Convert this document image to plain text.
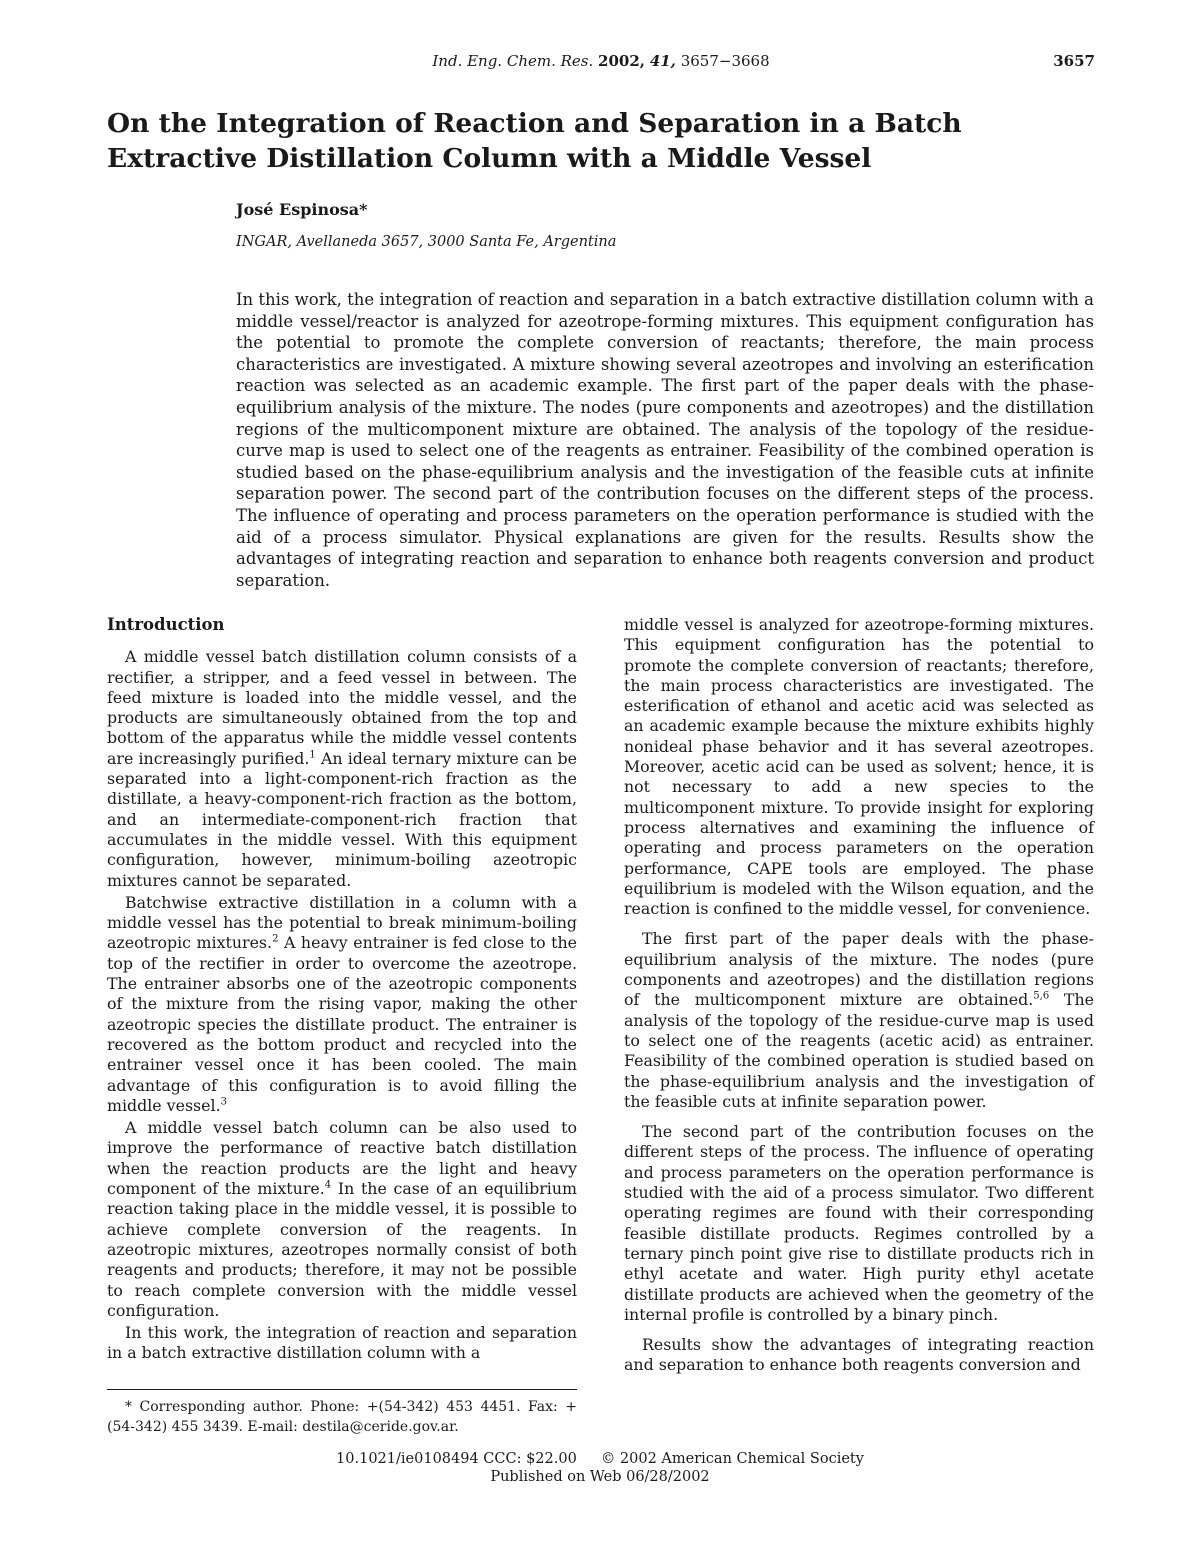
Ind. Eng. Chem. Res. 2002, 41, 3657−3668	3657
On the Integration of Reaction and Separation in a Batch
Extractive Distillation Column with a Middle Vessel
José Espinosa*
INGAR, Avellaneda 3657, 3000 Santa Fe, Argentina

In this work, the integration of reaction and separation in a batch extractive distillation column with a middle vessel/reactor is analyzed for azeotrope-forming mixtures. This equipment configuration has the potential to promote the complete conversion of reactants; therefore, the main process characteristics are investigated. A mixture showing several azeotropes and involving an esterification reaction was selected as an academic example. The first part of the paper deals with the phase-equilibrium analysis of the mixture. The nodes (pure components and azeotropes) and the distillation regions of the multicomponent mixture are obtained. The analysis of the topology of the residue-curve map is used to select one of the reagents as entrainer. Feasibility of the combined operation is studied based on the phase-equilibrium analysis and the investigation of the feasible cuts at infinite separation power. The second part of the contribution focuses on the different steps of the process. The influence of operating and process parameters on the operation performance is studied with the aid of a process simulator. Physical explanations are given for the results. Results show the advantages of integrating reaction and separation to enhance both reagents conversion and product separation.

Introduction

A middle vessel batch distillation column consists of a rectifier, a stripper, and a feed vessel in between. The feed mixture is loaded into the middle vessel, and the products are simultaneously obtained from the top and bottom of the apparatus while the middle vessel contents are increasingly purified.$^1$ An ideal ternary mixture can be separated into a light-component-rich fraction as the distillate, a heavy-component-rich fraction as the bottom, and an intermediate-component-rich fraction that accumulates in the middle vessel. With this equipment configuration, however, minimum-boiling azeotropic mixtures cannot be separated.

Batchwise extractive distillation in a column with a middle vessel has the potential to break minimum-boiling azeotropic mixtures.$^2$ A heavy entrainer is fed close to the top of the rectifier in order to overcome the azeotrope. The entrainer absorbs one of the azeotropic components of the mixture from the rising vapor, making the other azeotropic species the distillate product. The entrainer is recovered as the bottom product and recycled into the entrainer vessel once it has been cooled. The main advantage of this configuration is to avoid filling the middle vessel.$^3$

A middle vessel batch column can be also used to improve the performance of reactive batch distillation when the reaction products are the light and heavy component of the mixture.$^4$ In the case of an equilibrium reaction taking place in the middle vessel, it is possible to achieve complete conversion of the reagents. In azeotropic mixtures, azeotropes normally consist of both reagents and products; therefore, it may not be possible to reach complete conversion with the middle vessel configuration.

In this work, the integration of reaction and separation in a batch extractive distillation column with a

middle vessel is analyzed for azeotrope-forming mixtures. This equipment configuration has the potential to promote the complete conversion of reactants; therefore, the main process characteristics are investigated. The esterification of ethanol and acetic acid was selected as an academic example because the mixture exhibits highly nonideal phase behavior and it has several azeotropes. Moreover, acetic acid can be used as solvent; hence, it is not necessary to add a new species to the multicomponent mixture. To provide insight for exploring process alternatives and examining the influence of operating and process parameters on the operation performance, CAPE tools are employed. The phase equilibrium is modeled with the Wilson equation, and the reaction is confined to the middle vessel, for convenience.

The first part of the paper deals with the phase-equilibrium analysis of the mixture. The nodes (pure components and azeotropes) and the distillation regions of the multicomponent mixture are obtained.$^{5,6}$ The analysis of the topology of the residue-curve map is used to select one of the reagents (acetic acid) as entrainer. Feasibility of the combined operation is studied based on the phase-equilibrium analysis and the investigation of the feasible cuts at infinite separation power.

The second part of the contribution focuses on the different steps of the process. The influence of operating and process parameters on the operation performance is studied with the aid of a process simulator. Two different operating regimes are found with their corresponding feasible distillate products. Regimes controlled by a ternary pinch point give rise to distillate products rich in ethyl acetate and water. High purity ethyl acetate distillate products are achieved when the geometry of the internal profile is controlled by a binary pinch.

Results show the advantages of integrating reaction and separation to enhance both reagents conversion and

* Corresponding author. Phone: +(54-342) 453 4451. Fax: +(54-342) 455 3439. E-mail: destila@ceride.gov.ar.
10.1021/ie0108494 CCC: $22.00 © 2002 American Chemical Society
Published on Web 06/28/2002
